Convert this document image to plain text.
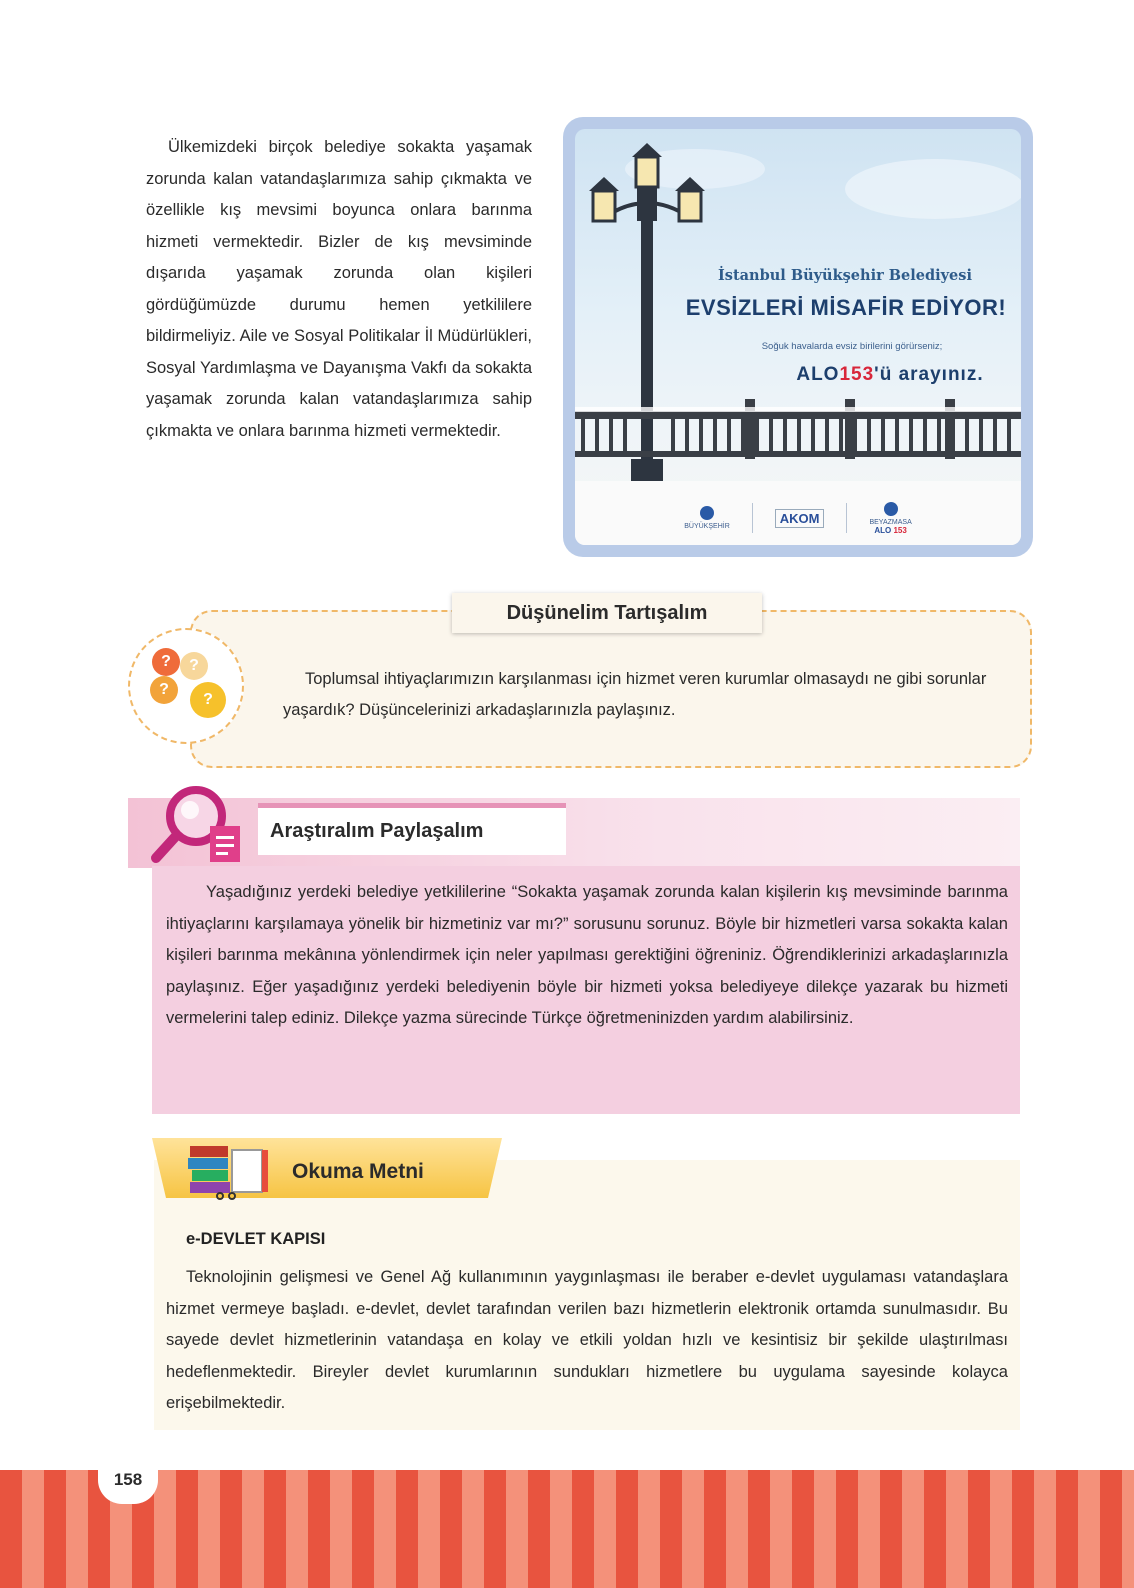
Ülkemizdeki birçok belediye sokakta yaşamak zorunda kalan vatandaşlarımıza sahip çıkmakta ve özellikle kış mevsimi boyunca onlara barınma hizmeti vermektedir. Bizler de kış mevsiminde dışarıda yaşamak zorunda olan kişileri gördüğümüzde durumu hemen yetkililere bildirmeliyiz. Aile ve Sosyal Politikalar İl Müdürlükleri, Sosyal Yardımlaşma ve Dayanışma Vakfı da sokakta yaşamak zorunda kalan vatandaşlarımıza sahip çıkmakta ve onlara barınma hizmeti vermektedir.

İstanbul Büyükşehir Belediyesi
EVSİZLERİ MİSAFİR EDİYOR!
Soğuk havalarda evsiz birilerini görürseniz;
ALO153'ü arayınız.
BÜYÜKŞEHİR
AKOM	BEYAZMASA
ALO 153
Düşünelim Tartışalım
?	?
?
?

Toplumsal ihtiyaçlarımızın karşılanması için hizmet veren kurumlar olmasaydı ne gibi sorunlar yaşardık? Düşüncelerinizi arkadaşlarınızla paylaşınız.

Araştıralım Paylaşalım

Yaşadığınız yerdeki belediye yetkililerine “Sokakta yaşamak zorunda kalan kişilerin kış mevsiminde barınma ihtiyaçlarını karşılamaya yönelik bir hizmetiniz var mı?” sorusunu sorunuz. Böyle bir hizmetleri varsa sokakta kalan kişileri barınma mekânına yönlendirmek için neler yapılması gerektiğini öğreniniz. Öğrendiklerinizi arkadaşlarınızla paylaşınız. Eğer yaşadığınız yerdeki belediyenin böyle bir hizmeti yoksa belediyeye dilekçe yazarak bu hizmeti vermelerini talep ediniz. Dilekçe yazma sürecinde Türkçe öğretmeninizden yardım alabilirsiniz.

Okuma Metni
e-DEVLET KAPISI

Teknolojinin gelişmesi ve Genel Ağ kullanımının yaygınlaşması ile beraber e-devlet uygulaması vatandaşlara hizmet vermeye başladı. e-devlet, devlet tarafından verilen bazı hizmetlerin elektronik ortamda sunulmasıdır. Bu sayede devlet hizmetlerinin vatandaşa en kolay ve etkili yoldan hızlı ve kesintisiz bir şekilde ulaştırılması hedeflenmektedir. Bireyler devlet kurumlarının sundukları hizmetlere bu uygulama sayesinde kolayca erişebilmektedir.

158
